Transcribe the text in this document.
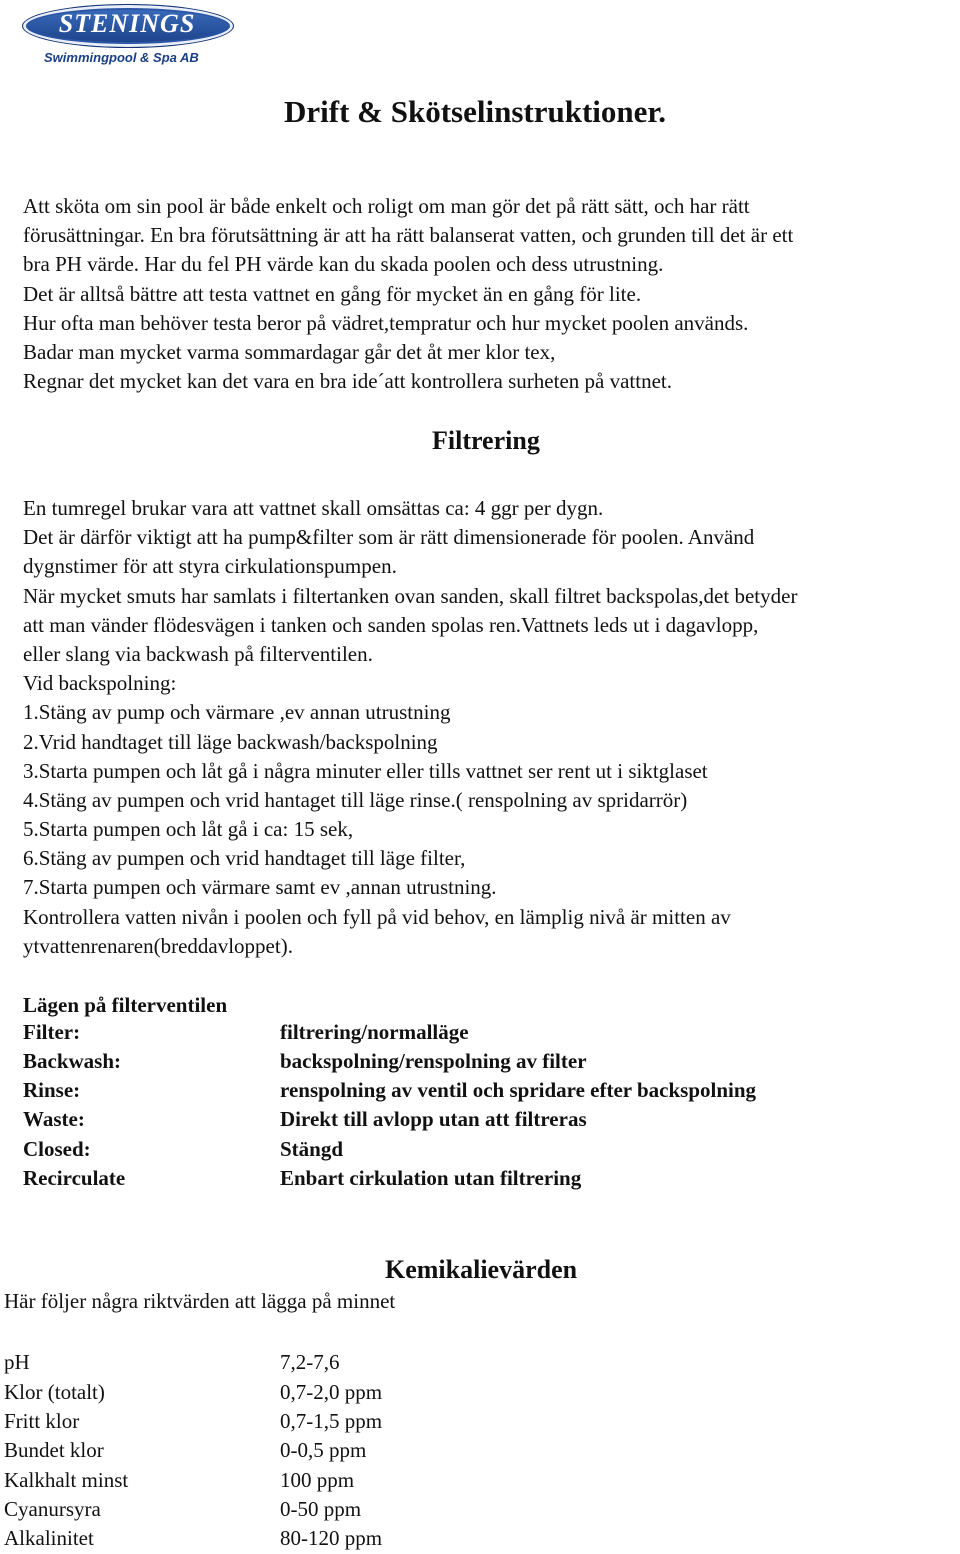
STENINGS
Swimmingpool & Spa AB
Drift & Skötselinstruktioner.
Att sköta om sin pool är både enkelt och roligt om man gör det på rätt sätt, och har rätt
förusättningar. En bra förutsättning är att ha rätt balanserat vatten, och grunden till det är ett
bra PH värde. Har du fel PH värde kan du skada poolen och dess utrustning.
Det är alltså bättre att testa vattnet en gång för mycket än en gång för lite.
Hur ofta man behöver testa beror på vädret,tempratur och hur mycket poolen används.
Badar man mycket varma sommardagar går det åt mer klor tex,
Regnar det mycket kan det vara en bra ide´att kontrollera surheten på vattnet.
Filtrering
En tumregel brukar vara att vattnet skall omsättas ca: 4 ggr per dygn.
Det är därför viktigt att ha pump&filter som är rätt dimensionerade för poolen. Använd
dygnstimer för att styra cirkulationspumpen.
När mycket smuts har samlats i filtertanken ovan sanden, skall filtret backspolas,det betyder
att man vänder flödesvägen i tanken och sanden spolas ren.Vattnets leds ut i dagavlopp,
eller slang via backwash på filterventilen.
Vid backspolning:
1.Stäng av pump och värmare ,ev annan utrustning
2.Vrid handtaget till läge backwash/backspolning
3.Starta pumpen och låt gå i några minuter eller tills vattnet ser rent ut i siktglaset
4.Stäng av pumpen och vrid hantaget till läge rinse.( renspolning av spridarrör)
5.Starta pumpen och låt gå i ca: 15 sek,
6.Stäng av pumpen och vrid handtaget till läge filter,
7.Starta pumpen och värmare samt ev ,annan utrustning.
Kontrollera vatten nivån i poolen och fyll på vid behov, en lämplig nivå är mitten av
ytvattenrenaren(breddavloppet).
Lägen på filterventilen
Filter:	filtrering/normalläge
Backwash:	backspolning/renspolning av filter
Rinse:	renspolning av ventil och spridare efter backspolning
Waste:	Direkt till avlopp utan att filtreras
Closed:	Stängd
Recirculate	Enbart cirkulation utan filtrering
Kemikalievärden
Här följer några riktvärden att lägga på minnet
pH	7,2-7,6
Klor (totalt)	0,7-2,0 ppm
Fritt klor	0,7-1,5 ppm
Bundet klor	0-0,5 ppm
Kalkhalt minst	100 ppm
Cyanursyra	0-50 ppm
Alkalinitet	80-120 ppm
